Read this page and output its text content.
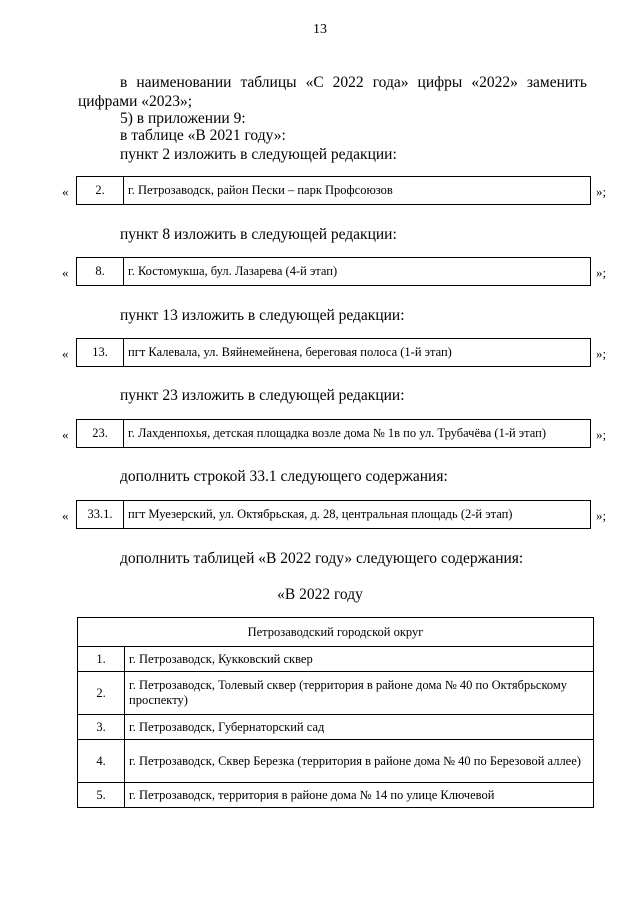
13
в наименовании таблицы «С 2022 года» цифры «2022» заменить
цифрами «2023»;
5) в приложении 9:
в таблице «В 2021 году»:
пункт 2 изложить в следующей редакции:
«	2.	г. Петрозаводск, район Пески – парк Профсоюзов	»;
пункт 8 изложить в следующей редакции:
«	8.	г. Костомукша, бул. Лазарева (4-й этап)	»;
пункт 13 изложить в следующей редакции:
«	13.	пгт Калевала, ул. Вяйнемейнена, береговая полоса (1-й этап)	»;
пункт 23 изложить в следующей редакции:
«	23.	г. Лахденпохья, детская площадка возле дома № 1в по ул. Трубачёва (1-й этап)	»;
дополнить строкой 33.1 следующего содержания:
«	33.1.	пгт Муезерский, ул. Октябрьская, д. 28, центральная площадь (2-й этап)	»;
дополнить таблицей «В 2022 году» следующего содержания:
«В 2022 году
Петрозаводский городской округ	
1.	г. Петрозаводск, Кукковский сквер
2.	г. Петрозаводск, Толевый сквер (территория в районе дома № 40 по Октябрьскому проспекту)
3.	г. Петрозаводск, Губернаторский сад
4.	г. Петрозаводск, Сквер Березка (территория в районе дома № 40 по Березовой аллее)
5.	г. Петрозаводск, территория в районе дома № 14 по улице Ключевой
